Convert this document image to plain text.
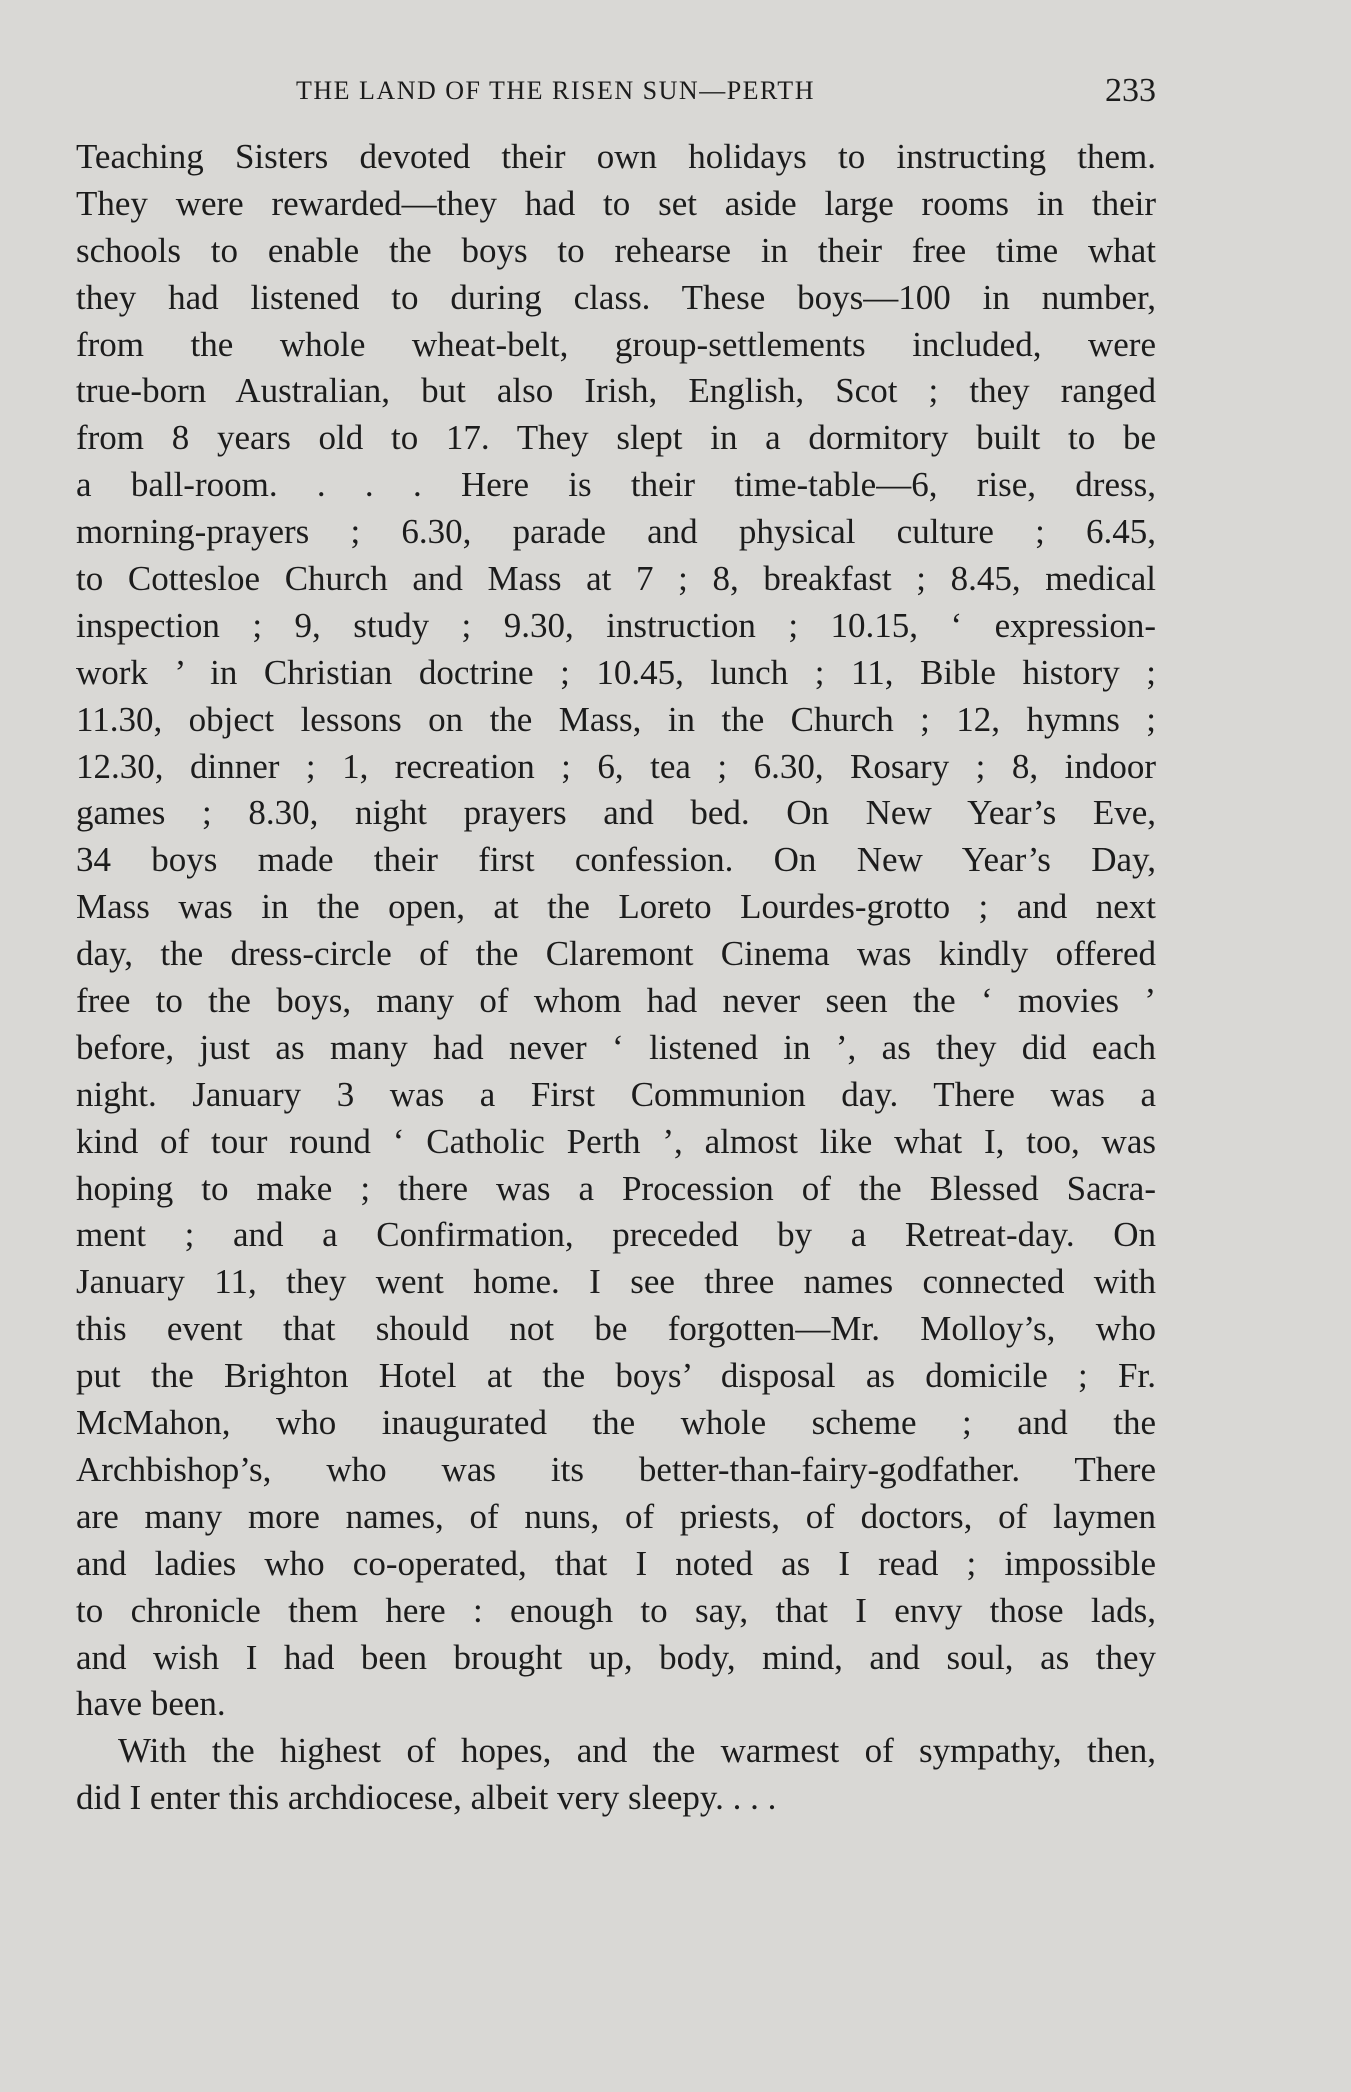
THE LAND OF THE RISEN SUN—PERTH	233
Teaching Sisters devoted their own holidays to instructing them.
They were rewarded—they had to set aside large rooms in their
schools to enable the boys to rehearse in their free time what
they had listened to during class. These boys—100 in number,
from the whole wheat-belt, group-settlements included, were
true-born Australian, but also Irish, English, Scot ; they ranged
from 8 years old to 17. They slept in a dormitory built to be
a ball-room. . . . Here is their time-table—6, rise, dress,
morning-prayers ; 6.30, parade and physical culture ; 6.45,
to Cottesloe Church and Mass at 7 ; 8, breakfast ; 8.45, medical
inspection ; 9, study ; 9.30, instruction ; 10.15, ‘ expression-
work ’ in Christian doctrine ; 10.45, lunch ; 11, Bible history ;
11.30, object lessons on the Mass, in the Church ; 12, hymns ;
12.30, dinner ; 1, recreation ; 6, tea ; 6.30, Rosary ; 8, indoor
games ; 8.30, night prayers and bed. On New Year’s Eve,
34 boys made their first confession. On New Year’s Day,
Mass was in the open, at the Loreto Lourdes-grotto ; and next
day, the dress-circle of the Claremont Cinema was kindly offered
free to the boys, many of whom had never seen the ‘ movies ’
before, just as many had never ‘ listened in ’, as they did each
night. January 3 was a First Communion day. There was a
kind of tour round ‘ Catholic Perth ’, almost like what I, too, was
hoping to make ; there was a Procession of the Blessed Sacra-
ment ; and a Confirmation, preceded by a Retreat-day. On
January 11, they went home. I see three names connected with
this event that should not be forgotten—Mr. Molloy’s, who
put the Brighton Hotel at the boys’ disposal as domicile ; Fr.
McMahon, who inaugurated the whole scheme ; and the
Archbishop’s, who was its better-than-fairy-godfather. There
are many more names, of nuns, of priests, of doctors, of laymen
and ladies who co-operated, that I noted as I read ; impossible
to chronicle them here : enough to say, that I envy those lads,
and wish I had been brought up, body, mind, and soul, as they
have been.
With the highest of hopes, and the warmest of sympathy, then,
did I enter this archdiocese, albeit very sleepy. . . .
